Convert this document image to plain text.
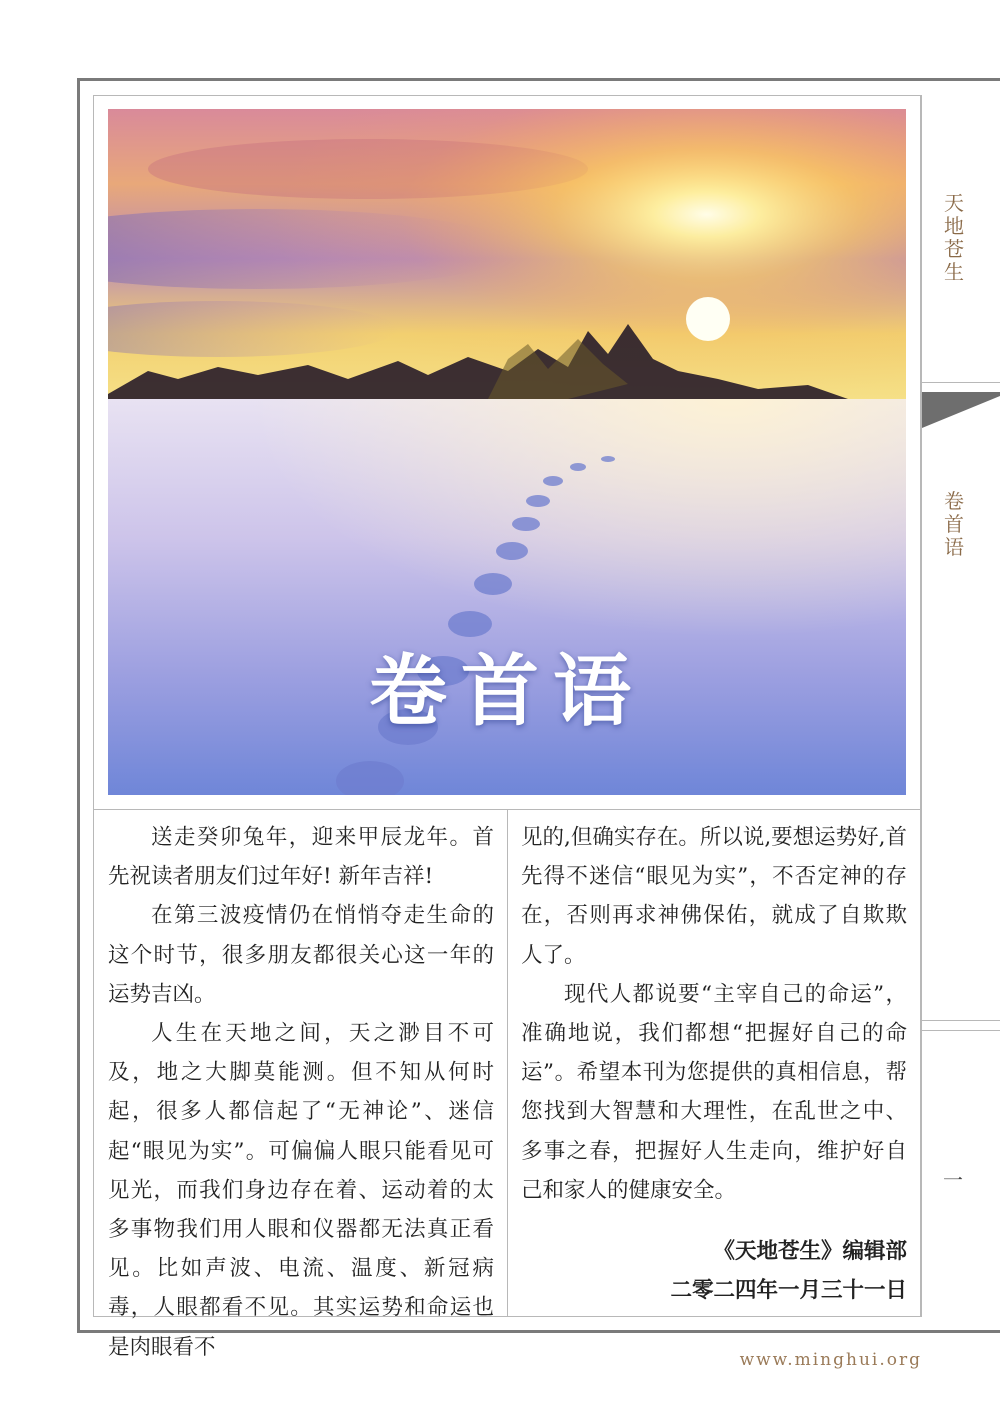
卷首语
天地苍生
卷首语
一

送走癸卯兔年，迎来甲辰龙年。首先祝读者朋友们过年好! 新年吉祥!

在第三波疫情仍在悄悄夺走生命的这个时节，很多朋友都很关心这一年的运势吉凶。

人生在天地之间，天之渺目不可及，地之大脚莫能测。但不知从何时起，很多人都信起了“无神论”、迷信起“眼见为实”。可偏偏人眼只能看见可见光，而我们身边存在着、运动着的太多事物我们用人眼和仪器都无法真正看见。比如声波、电流、温度、新冠病毒，人眼都看不见。其实运势和命运也是肉眼看不

见的,但确实存在。所以说,要想运势好,首先得不迷信“眼见为实”，不否定神的存在，否则再求神佛保佑，就成了自欺欺人了。

现代人都说要“主宰自己的命运”，准确地说，我们都想“把握好自己的命运”。希望本刊为您提供的真相信息，帮您找到大智慧和大理性，在乱世之中、多事之春，把握好人生走向，维护好自己和家人的健康安全。

《天地苍生》编辑部
二零二四年一月三十一日
www.minghui.org
